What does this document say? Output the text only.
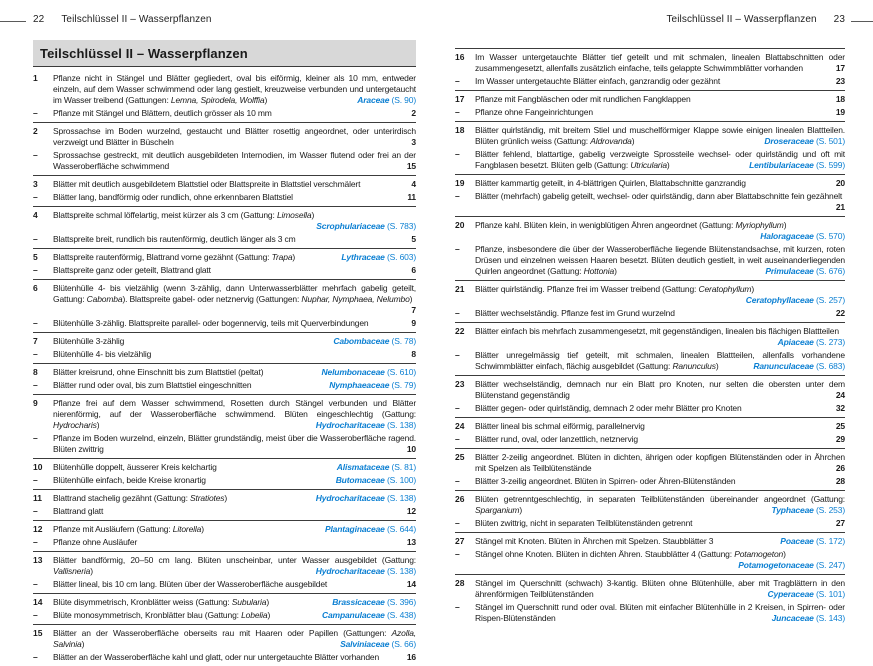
22 Teilschlüssel II – Wasserpflanzen
Teilschlüssel II – Wasserpflanzen
1	Pflanze nicht in Stängel und Blätter gegliedert, oval bis eiförmig, kleiner als 10 mm, entweder einzeln, auf dem Wasser schwimmend oder lang gestielt, kreuzweise verbunden und untergetaucht im Wasser treibend (Gattungen: Lemna, Spirodela, Wolffia)	Araceae (S. 90)
–	Pflanze mit Stängel und Blättern, deutlich grösser als 10 mm	2
2	Sprossachse im Boden wurzelnd, gestaucht und Blätter rosettig angeordnet, oder unterirdisch verzweigt und Blätter in Büscheln	3
–	Sprossachse gestreckt, mit deutlich ausgebildeten Internodien, im Wasser flutend oder frei an der Wasseroberfläche schwimmend	15
3	Blätter mit deutlich ausgebildetem Blattstiel oder Blattspreite in Blattstiel verschmälert	4
–	Blätter lang, bandförmig oder rundlich, ohne erkennbaren Blattstiel	11
4	Blattspreite schmal löffelartig, meist kürzer als 3 cm (Gattung: Limosella)
Scrophulariaceae (S. 783)
–	Blattspreite breit, rundlich bis rautenförmig, deutlich länger als 3 cm	5
5	Blattspreite rautenförmig, Blattrand vorne gezähnt (Gattung: Trapa)	Lythraceae (S. 603)
–	Blattspreite ganz oder geteilt, Blattrand glatt	6
6	Blütenhülle 4- bis vielzählig (wenn 3-zählig, dann Unterwasserblätter mehrfach gabelig geteilt, Gattung: Cabomba). Blattspreite gabel- oder netznervig (Gattungen: Nuphar, Nymphaea, Nelumbo)
7
–	Blütenhülle 3-zählig. Blattspreite parallel- oder bogennervig, teils mit Querverbindungen	9
7	Blütenhülle 3-zählig	Cabombaceae (S. 78)
–	Blütenhülle 4- bis vielzählig	8
8	Blätter kreisrund, ohne Einschnitt bis zum Blattstiel (peltat)	Nelumbonaceae (S. 610)
–	Blätter rund oder oval, bis zum Blattstiel eingeschnitten	Nymphaeaceae (S. 79)
9	Pflanze frei auf dem Wasser schwimmend, Rosetten durch Stängel verbunden und Blätter nierenförmig, auf der Wasseroberfläche schwimmend. Blüten eingeschlechtig (Gattung: Hydrocharis)	Hydrocharitaceae (S. 138)
–	Pflanze im Boden wurzelnd, einzeln, Blätter grundständig, meist über die Wasseroberfläche ragend. Blüten zwittrig	10
10	Blütenhülle doppelt, äusserer Kreis kelchartig	Alismataceae (S. 81)
–	Blütenhülle einfach, beide Kreise kronartig	Butomaceae (S. 100)
11	Blattrand stachelig gezähnt (Gattung: Stratiotes)	Hydrocharitaceae (S. 138)
–	Blattrand glatt	12
12	Pflanze mit Ausläufern (Gattung: Litorella)	Plantaginaceae (S. 644)
–	Pflanze ohne Ausläufer	13
13	Blätter bandförmig, 20–50 cm lang. Blüten unscheinbar, unter Wasser ausgebildet (Gattung: Vallisneria)	Hydrocharitaceae (S. 138)
–	Blätter lineal, bis 10 cm lang. Blüten über der Wasseroberfläche ausgebildet	14
14	Blüte disymmetrisch, Kronblätter weiss (Gattung: Subularia)	Brassicaceae (S. 396)
–	Blüte monosymmetrisch, Kronblätter blau (Gattung: Lobelia)	Campanulaceae (S. 438)
15	Blätter an der Wasseroberfläche oberseits rau mit Haaren oder Papillen (Gattungen: Azolla, Salvinia)	Salviniaceae (S. 66)
–	Blätter an der Wasseroberfläche kahl und glatt, oder nur untergetauchte Blätter vorhanden	16
Teilschlüssel II – Wasserpflanzen 23
16	Im Wasser untergetauchte Blätter tief geteilt und mit schmalen, linealen Blattabschnitten oder zusammengesetzt, allenfalls zusätzlich einfache, teils gelappte Schwimmblätter vorhanden	17
–	Im Wasser untergetauchte Blätter einfach, ganzrandig oder gezähnt	23
17	Pflanze mit Fangbläschen oder mit rundlichen Fangklappen	18
–	Pflanze ohne Fangeinrichtungen	19
18	Blätter quirlständig, mit breitem Stiel und muschelförmiger Klappe sowie einigen linealen Blattteilen. Blüten grünlich weiss (Gattung: Aldrovanda)	Droseraceae (S. 501)
–	Blätter fehlend, blattartige, gabelig verzweigte Sprossteile wechsel- oder quirlständig und oft mit Fangblasen besetzt. Blüten gelb (Gattung: Utricularia)	Lentibulariaceae (S. 599)
19	Blätter kammartig geteilt, in 4-blättrigen Quirlen, Blattabschnitte ganzrandig	20
–	Blätter (mehrfach) gabelig geteilt, wechsel- oder quirlständig, dann aber Blattabschnitte fein gezähnelt
21
20	Pflanze kahl. Blüten klein, in wenigblütigen Ähren angeordnet (Gattung: Myriophyllum)
Haloragaceae (S. 570)
–	Pflanze, insbesondere die über der Wasseroberfläche liegende Blütenstandsachse, mit kurzen, roten Drüsen und einzelnen weissen Haaren besetzt. Blüten deutlich gestielt, in weit auseinanderliegenden Quirlen angeordnet (Gattung: Hottonia)	Primulaceae (S. 676)
21	Blätter quirlständig. Pflanze frei im Wasser treibend (Gattung: Ceratophyllum)
Ceratophyllaceae (S. 257)
–	Blätter wechselständig. Pflanze fest im Grund wurzelnd	22
22	Blätter einfach bis mehrfach zusammengesetzt, mit gegenständigen, linealen bis flächigen Blattteilen
Apiaceae (S. 273)
–	Blätter unregelmässig tief geteilt, mit schmalen, linealen Blattteilen, allenfalls vorhandene Schwimmblätter einfach, flächig ausgebildet (Gattung: Ranunculus)	Ranunculaceae (S. 683)
23	Blätter wechselständig, demnach nur ein Blatt pro Knoten, nur selten die obersten unter dem Blütenstand gegenständig	24
–	Blätter gegen- oder quirlständig, demnach 2 oder mehr Blätter pro Knoten	32
24	Blätter lineal bis schmal eiförmig, parallelnervig	25
–	Blätter rund, oval, oder lanzettlich, netznervig	29
25	Blätter 2-zeilig angeordnet. Blüten in dichten, ährigen oder kopfigen Blütenständen oder in Ährchen mit Spelzen als Teilblütenstände	26
–	Blätter 3-zeilig angeordnet. Blüten in Spirren- oder Ähren-Blütenständen	28
26	Blüten getrenntgeschlechtig, in separaten Teilblütenständen übereinander angeordnet (Gattung: Sparganium)	Typhaceae (S. 253)
–	Blüten zwittrig, nicht in separaten Teilblütenständen getrennt	27
27	Stängel mit Knoten. Blüten in Ährchen mit Spelzen. Staubblätter 3	Poaceae (S. 172)
–	Stängel ohne Knoten. Blüten in dichten Ähren. Staubblätter 4 (Gattung: Potamogeton)
Potamogetonaceae (S. 247)
28	Stängel im Querschnitt (schwach) 3-kantig. Blüten ohne Blütenhülle, aber mit Tragblättern in den ährenförmigen Teilblütenständen	Cyperaceae (S. 101)
–	Stängel im Querschnitt rund oder oval. Blüten mit einfacher Blütenhülle in 2 Kreisen, in Spirren- oder Rispen-Blütenständen	Juncaceae (S. 143)
